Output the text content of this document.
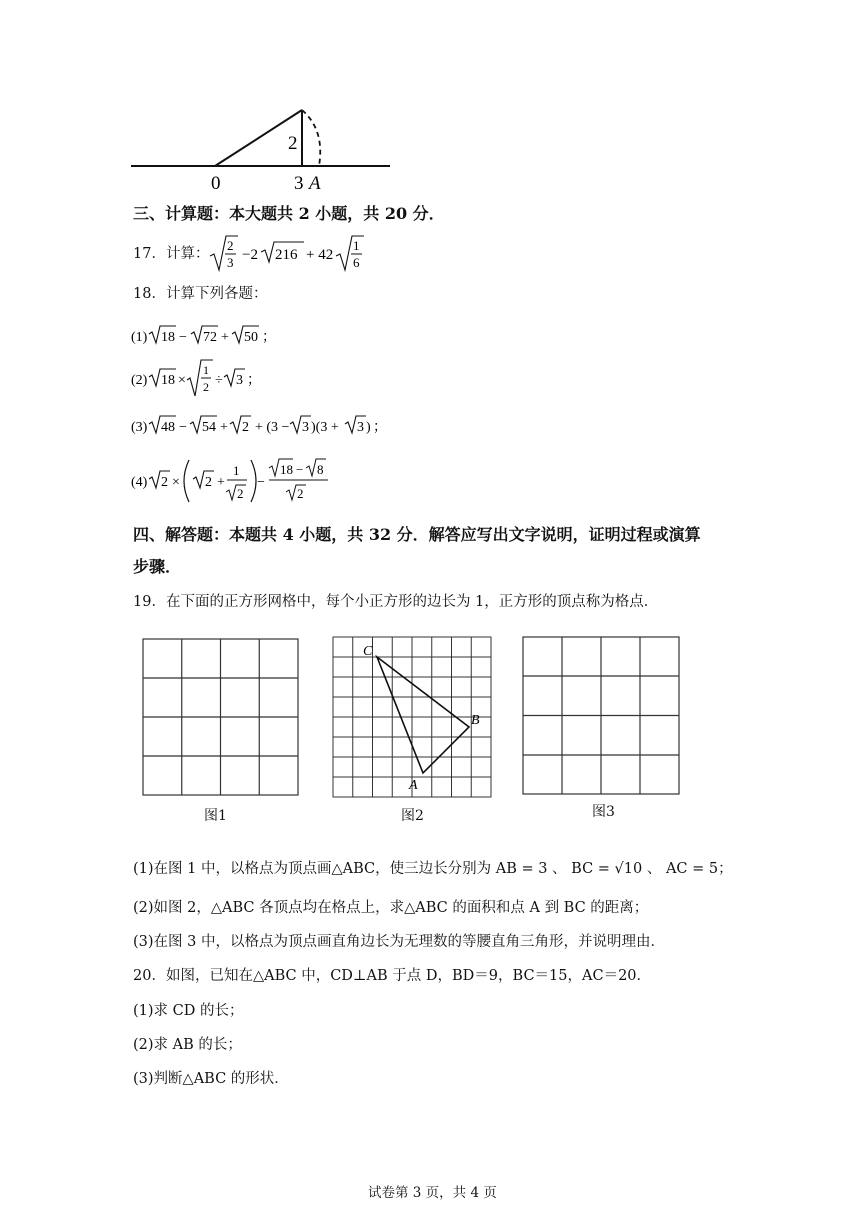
2
0	3 A
三、计算题：本大题共 2 小题，共 20 分．
17．计算：
2
3 −2 216 + 42
1
6
18．计算下列各题：
(1) 18 − 72 + 50 ；
(2) 18 ×
1
2 ÷ 3 ；
(3) 48 − 54 + 2 + (3 − 3 )(3 + 3 ) ；
(4) 2 × 2 +
1
2
−
18 − 8
2
四、解答题：本题共 4 小题，共 32 分．解答应写出文字说明，证明过程或演算
步骤．
19．在下面的正方形网格中，每个小正方形的边长为 1，正方形的顶点称为格点．
图1
C
B
A
图2	图3
(1)在图 1 中，以格点为顶点画△ABC，使三边长分别为 AB = 3 、 BC = √10 、 AC = 5；
(2)如图 2，△ABC 各顶点均在格点上，求△ABC 的面积和点 A 到 BC 的距离；
(3)在图 3 中，以格点为顶点画直角边长为无理数的等腰直角三角形，并说明理由．
20．如图，已知在△ABC 中，CD⊥AB 于点 D，BD＝9，BC＝15，AC＝20．
(1)求 CD 的长；
(2)求 AB 的长；
(3)判断△ABC 的形状．
试卷第 3 页，共 4 页
